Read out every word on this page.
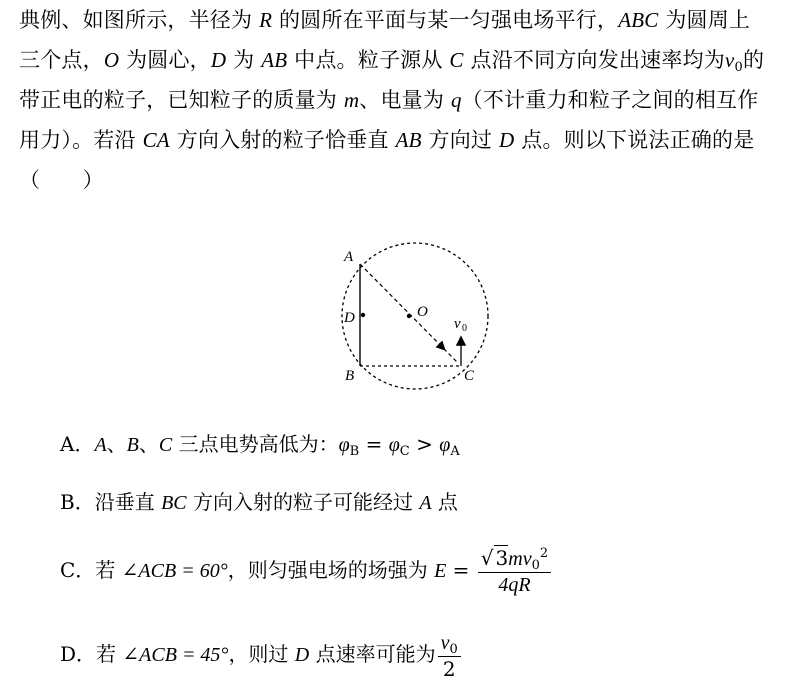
典例、如图所示，半径为 R 的圆所在平面与某一匀强电场平行，ABC 为圆周上
三个点，O 为圆心，D 为 AB 中点。粒子源从 C 点沿不同方向发出速率均为$v_0$的
带正电的粒子，已知粒子的质量为 m、电量为 q（不计重力和粒子之间的相互作
用力）。若沿 CA 方向入射的粒子恰垂直 AB 方向过 D 点。则以下说法正确的是
（　　）
A
D	O
B	C
v 0
A．A、B、C 三点电势高低为：$\varphi_B = \varphi_C > \varphi_A$
B．沿垂直 BC 方向入射的粒子可能经过 A 点
C．若 ∠ACB = 60°，则匀强电场的场强为 $E = \frac{√ 3mv_0^2}{4qR}$
D．若 ∠ACB = 45°，则过 D 点速率可能为 $\frac{v_0}{2}$
